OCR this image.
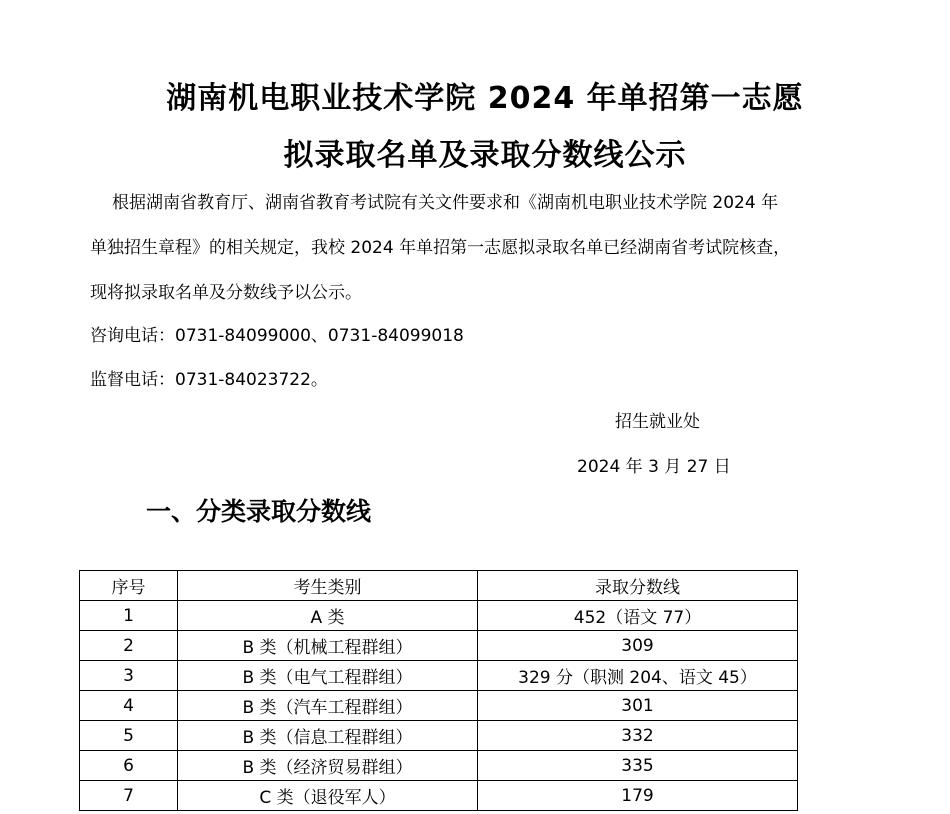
湖南机电职业技术学院 2024 年单招第一志愿
拟录取名单及录取分数线公示
根据湖南省教育厅、湖南省教育考试院有关文件要求和《湖南机电职业技术学院 2024 年
单独招生章程》的相关规定，我校 2024 年单招第一志愿拟录取名单已经湖南省考试院核查，
现将拟录取名单及分数线予以公示。
咨询电话：0731-84099000、0731-84099018
监督电话：0731-84023722。
招生就业处
2024 年 3 月 27 日
一、分类录取分数线
序号	考生类别	录取分数线
1	A 类	452（语文 77）
2	B 类（机械工程群组）	309
3	B 类（电气工程群组）	329 分（职测 204、语文 45）
4	B 类（汽车工程群组）	301
5	B 类（信息工程群组）	332
6	B 类（经济贸易群组）	335
7	C 类（退役军人）	179
